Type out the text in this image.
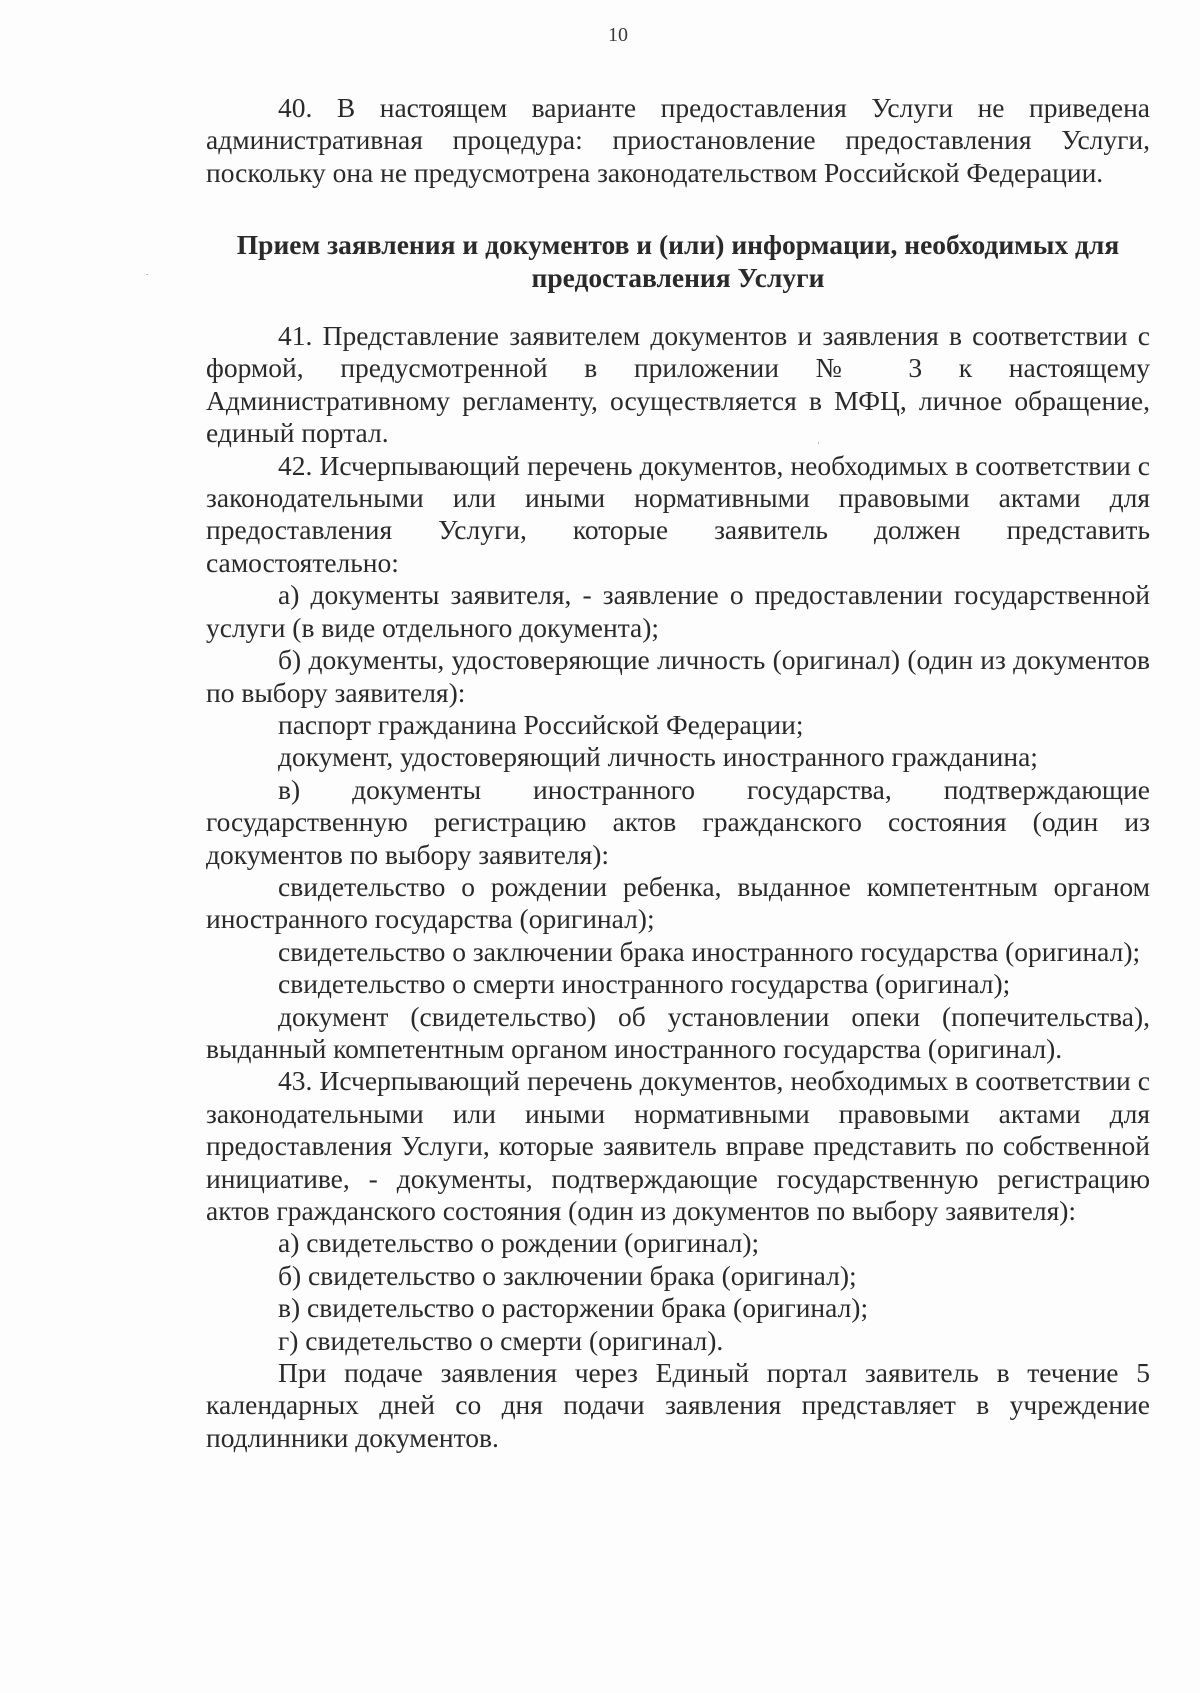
10

40. В настоящем варианте предоставления Услуги не приведена административная процедура: приостановление предоставления Услуги, поскольку она не предусмотрена законодательством Российской Федерации.

Прием заявления и документов и (или) информации, необходимых для предоставления Услуги

41. Представление заявителем документов и заявления в соответствии с формой, предусмотренной в приложении № 3 к настоящему Административному регламенту, осуществляется в МФЦ, личное обращение, единый портал.

42. Исчерпывающий перечень документов, необходимых в соответствии с законодательными или иными нормативными правовыми актами для предоставления Услуги, которые заявитель должен представить самостоятельно:

а) документы заявителя, - заявление о предоставлении государственной услуги (в виде отдельного документа);

б) документы, удостоверяющие личность (оригинал) (один из документов по выбору заявителя):

паспорт гражданина Российской Федерации;

документ, удостоверяющий личность иностранного гражданина;

в) документы иностранного государства, подтверждающие государственную регистрацию актов гражданского состояния (один из документов по выбору заявителя):

свидетельство о рождении ребенка, выданное компетентным органом иностранного государства (оригинал);

свидетельство о заключении брака иностранного государства (оригинал);

свидетельство о смерти иностранного государства (оригинал);

документ (свидетельство) об установлении опеки (попечительства), выданный компетентным органом иностранного государства (оригинал).

43. Исчерпывающий перечень документов, необходимых в соответствии с законодательными или иными нормативными правовыми актами для предоставления Услуги, которые заявитель вправе представить по собственной инициативе, - документы, подтверждающие государственную регистрацию актов гражданского состояния (один из документов по выбору заявителя):

а) свидетельство о рождении (оригинал);

б) свидетельство о заключении брака (оригинал);

в) свидетельство о расторжении брака (оригинал);

г) свидетельство о смерти (оригинал).

При подаче заявления через Единый портал заявитель в течение 5 календарных дней со дня подачи заявления представляет в учреждение подлинники документов.
